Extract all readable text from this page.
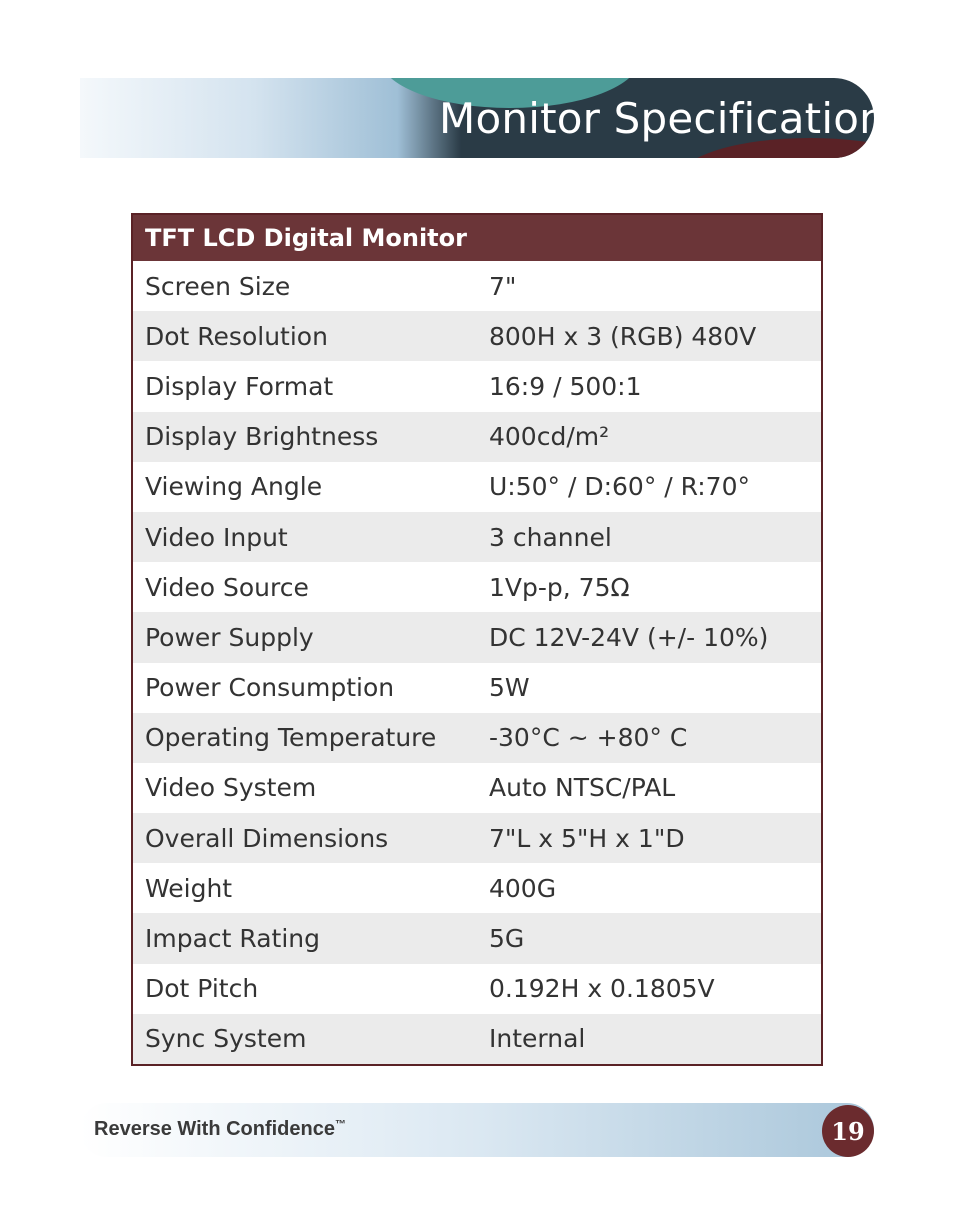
Monitor Specifications
TFT LCD Digital Monitor
Screen Size	7"
Dot Resolution	800H x 3 (RGB) 480V
Display Format	16:9 / 500:1
Display Brightness	400cd/m²
Viewing Angle	U:50° / D:60° / R:70°
Video Input	3 channel
Video Source	1Vp-p, 75Ω
Power Supply	DC 12V-24V (+/- 10%)
Power Consumption	5W
Operating Temperature	-30°C ~ +80° C
Video System	Auto NTSC/PAL
Overall Dimensions	7"L x 5"H x 1"D
Weight	400G
Impact Rating	5G
Dot Pitch	0.192H x 0.1805V
Sync System	Internal
Reverse With Confidence™	19
